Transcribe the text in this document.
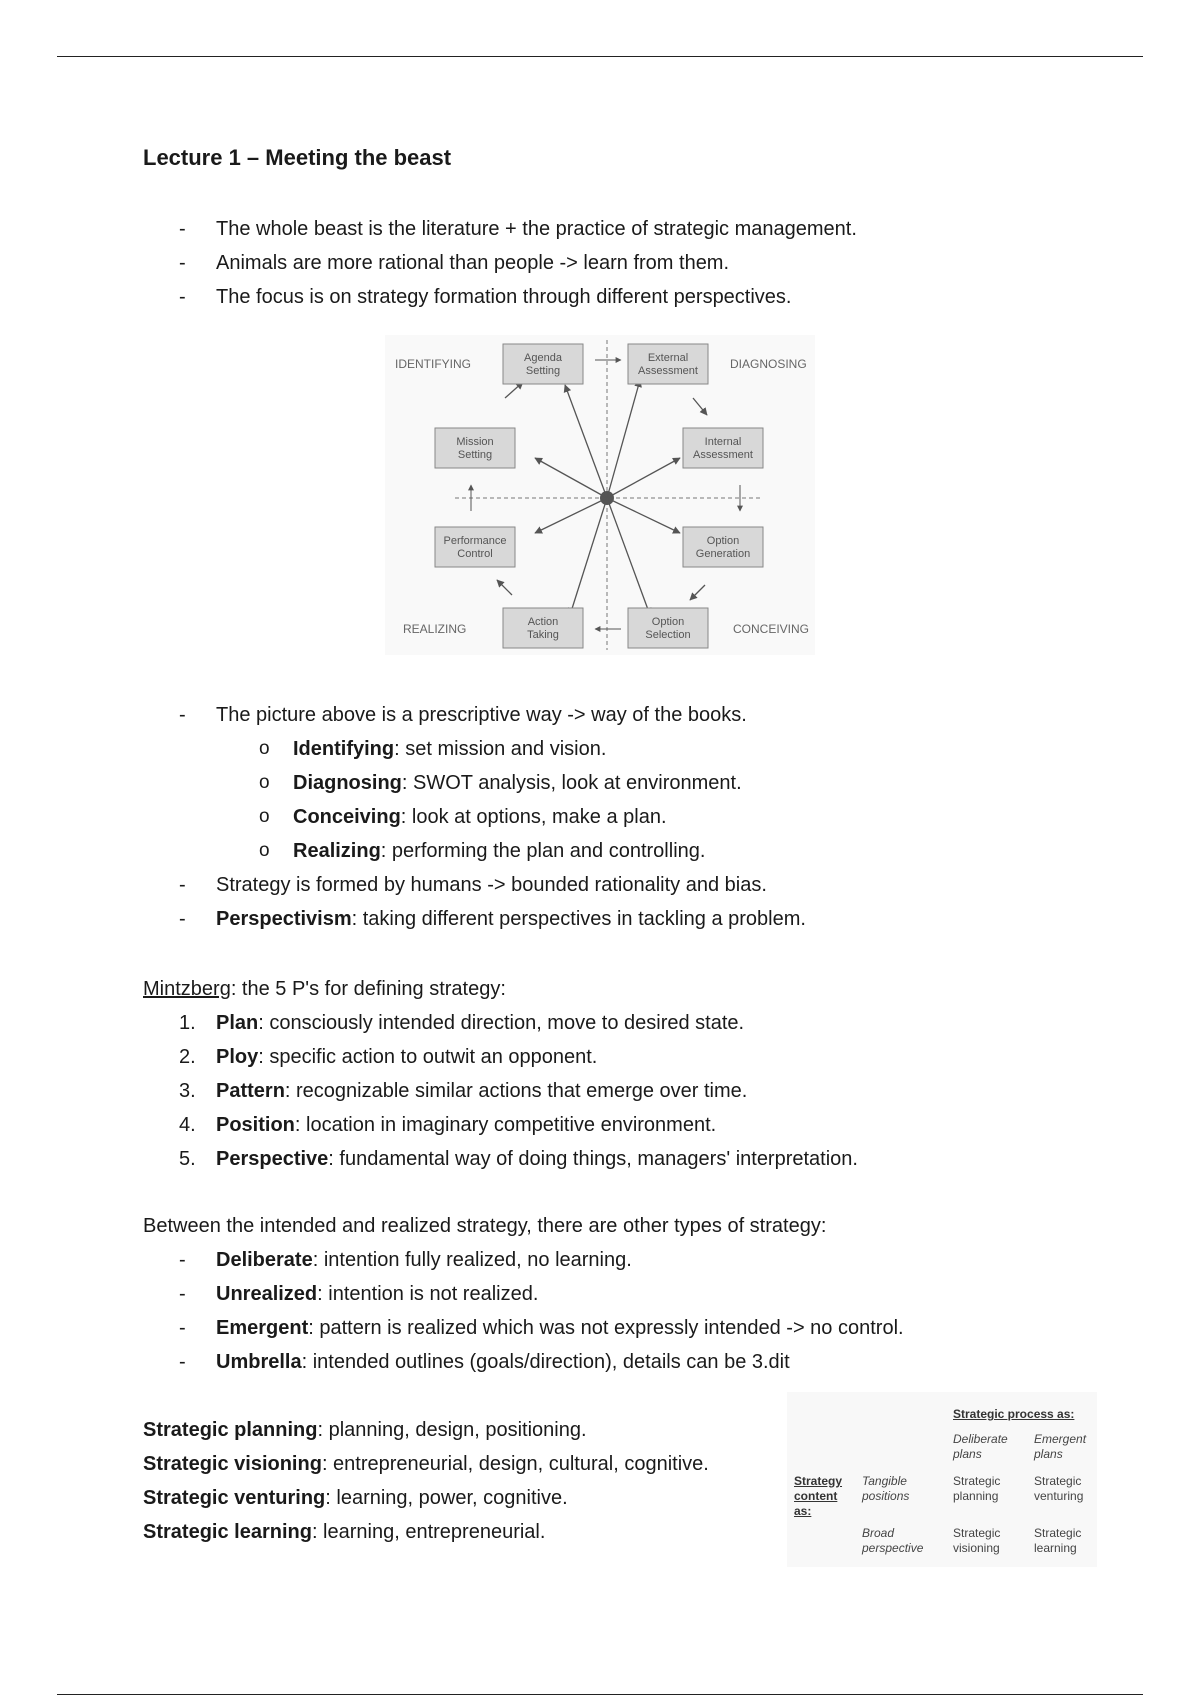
Lecture 1 – Meeting the beast
- The whole beast is the literature + the practice of strategic management.
- Animals are more rational than people -> learn from them.
- The focus is on strategy formation through different perspectives.
Agenda
Setting
External
Assessment
Mission
Setting
Internal
Assessment
Performance
Control
Option
Generation
Action
Taking
Option
Selection
IDENTIFYING	DIAGNOSING
REALIZING	CONCEIVING
- The picture above is a prescriptive way -> way of the books.
o Identifying: set mission and vision.
o Diagnosing: SWOT analysis, look at environment.
o Conceiving: look at options, make a plan.
o Realizing: performing the plan and controlling.
- Strategy is formed by humans -> bounded rationality and bias.
- Perspectivism: taking different perspectives in tackling a problem.
Mintzberg: the 5 P's for defining strategy:
1. Plan: consciously intended direction, move to desired state.
2. Ploy: specific action to outwit an opponent.
3. Pattern: recognizable similar actions that emerge over time.
4. Position: location in imaginary competitive environment.
5. Perspective: fundamental way of doing things, managers' interpretation.
Between the intended and realized strategy, there are other types of strategy:
- Deliberate: intention fully realized, no learning.
- Unrealized: intention is not realized.
- Emergent: pattern is realized which was not expressly intended -> no control.
- Umbrella: intended outlines (goals/direction), details can be 3.dit
Strategic planning: planning, design, positioning.
Strategic visioning: entrepreneurial, design, cultural, cognitive.
Strategic venturing: learning, power, cognitive.
Strategic learning: learning, entrepreneurial.
Strategic process as:
Deliberate
plans
Emergent
plans
Strategy
content
as:
Tangible
positions
Strategic
planning
Strategic
venturing
Broad
perspective
Strategic
visioning
Strategic
learning
